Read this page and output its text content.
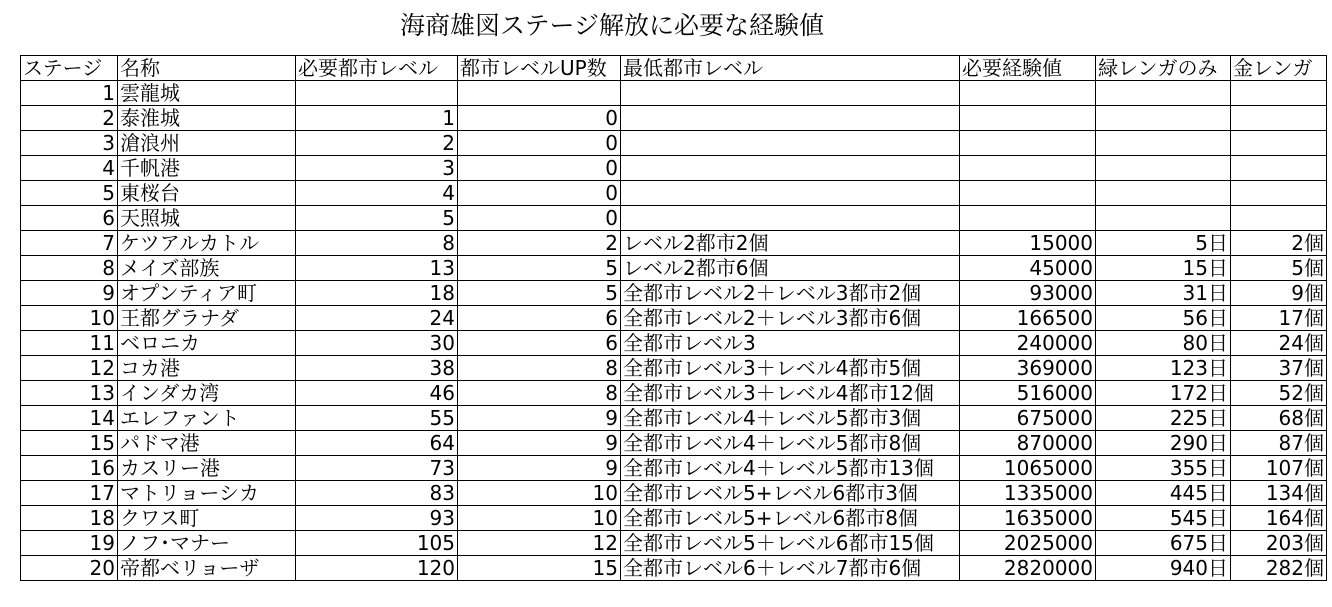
海商雄図ステージ解放に必要な経験値
ステージ	名称	必要都市レベル	都市レベルUP数	最低都市レベル	必要経験値	緑レンガのみ	金レンガ
1	雲龍城						
2	泰淮城	1	0				
3	滄浪州	2	0				
4	千帆港	3	0				
5	東桜台	4	0				
6	天照城	5	0				
7	ケツアルカトル	8	2	レベル2都市2個	15000	5日	2個
8	メイズ部族	13	5	レベル2都市6個	45000	15日	5個
9	オプンティア町	18	5	全都市レベル2＋レベル3都市2個	93000	31日	9個
10	王都グラナダ	24	6	全都市レベル2＋レベル3都市6個	166500	56日	17個
11	ベロニカ	30	6	全都市レベル3	240000	80日	24個
12	コカ港	38	8	全都市レベル3＋レベル4都市5個	369000	123日	37個
13	インダカ湾	46	8	全都市レベル3＋レベル4都市12個	516000	172日	52個
14	エレファント	55	9	全都市レベル4＋レベル5都市3個	675000	225日	68個
15	パドマ港	64	9	全都市レベル4＋レベル5都市8個	870000	290日	87個
16	カスリー港	73	9	全都市レベル4＋レベル5都市13個	1065000	355日	107個
17	マトリョーシカ	83	10	全都市レベル5+レベル6都市3個	1335000	445日	134個
18	クワス町	93	10	全都市レベル5+レベル6都市8個	1635000	545日	164個
19	ノフ･マナー	105	12	全都市レベル5＋レベル6都市15個	2025000	675日	203個
20	帝都ベリョーザ	120	15	全都市レベル6＋レベル7都市6個	2820000	940日	282個
